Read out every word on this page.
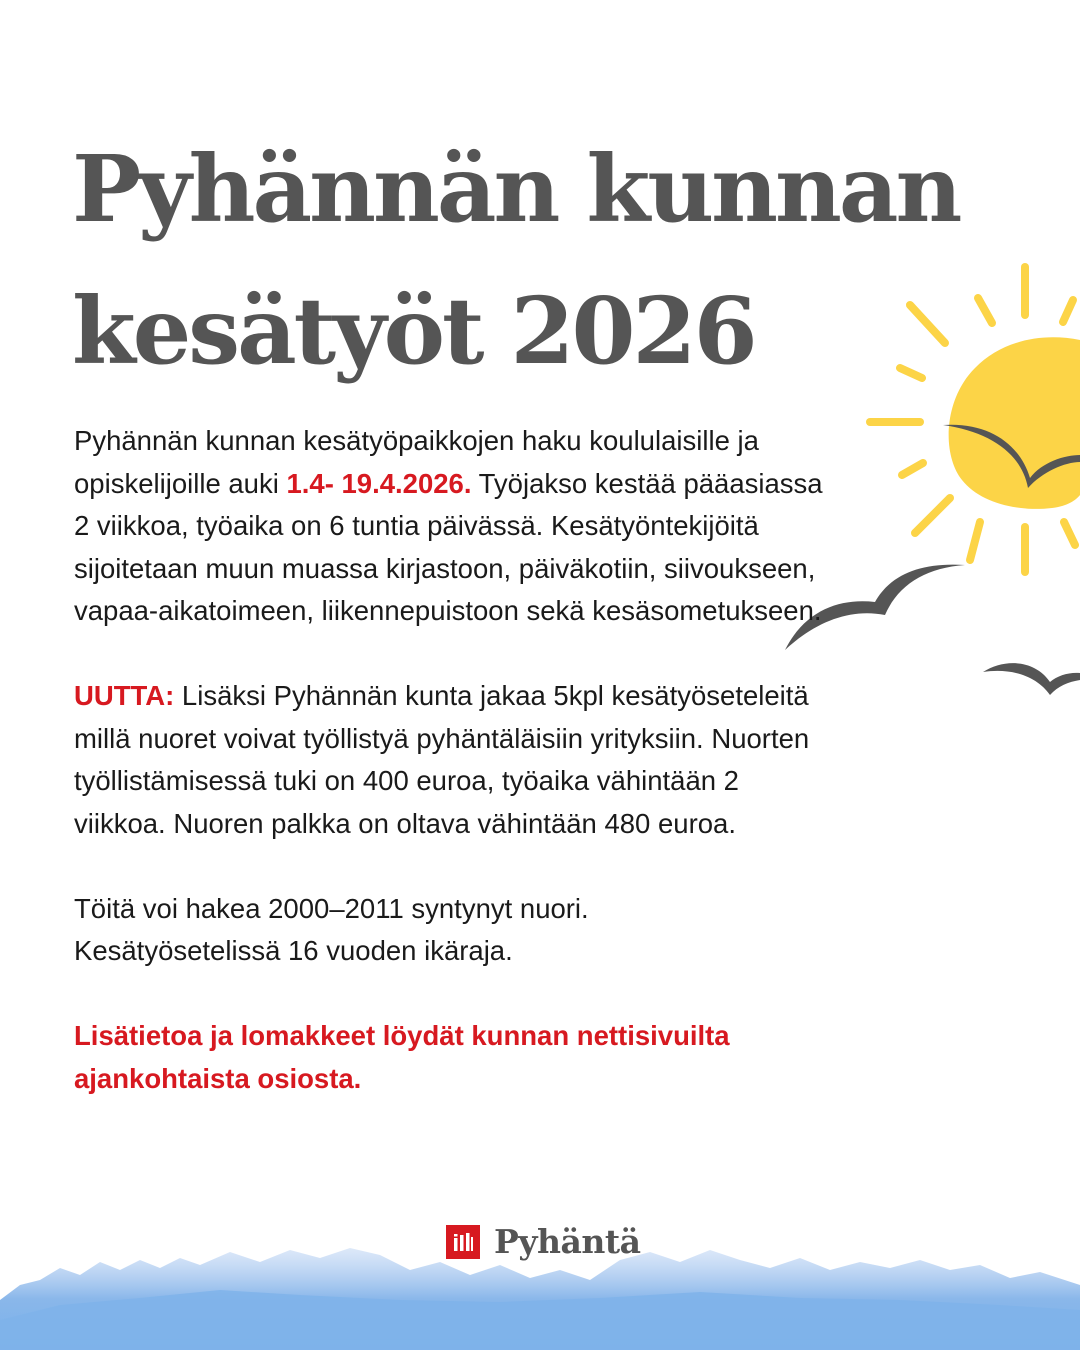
Pyhännän kunnan
kesätyöt 2026

Pyhännän kunnan kesätyöpaikkojen haku koululaisille ja opiskelijoille auki 1.4- 19.4.2026. Työjakso kestää pääasiassa 2 viikkoa, työaika on 6 tuntia päivässä. Kesätyöntekijöitä sijoitetaan muun muassa kirjastoon, päiväkotiin, siivoukseen, vapaa-aikatoimeen, liikennepuistoon sekä kesäsometukseen.

UUTTA: Lisäksi Pyhännän kunta jakaa 5kpl kesätyöseteleitä millä nuoret voivat työllistyä pyhäntäläisiin yrityksiin. Nuorten työllistämisessä tuki on 400 euroa, työaika vähintään 2 viikkoa. Nuoren palkka on oltava vähintään 480 euroa.

Töitä voi hakea 2000–2011 syntynyt nuori.
Kesätyösetelissä 16 vuoden ikäraja.

Lisätietoa ja lomakkeet löydät kunnan nettisivuilta ajankohtaista osiosta.

Pyhäntä
